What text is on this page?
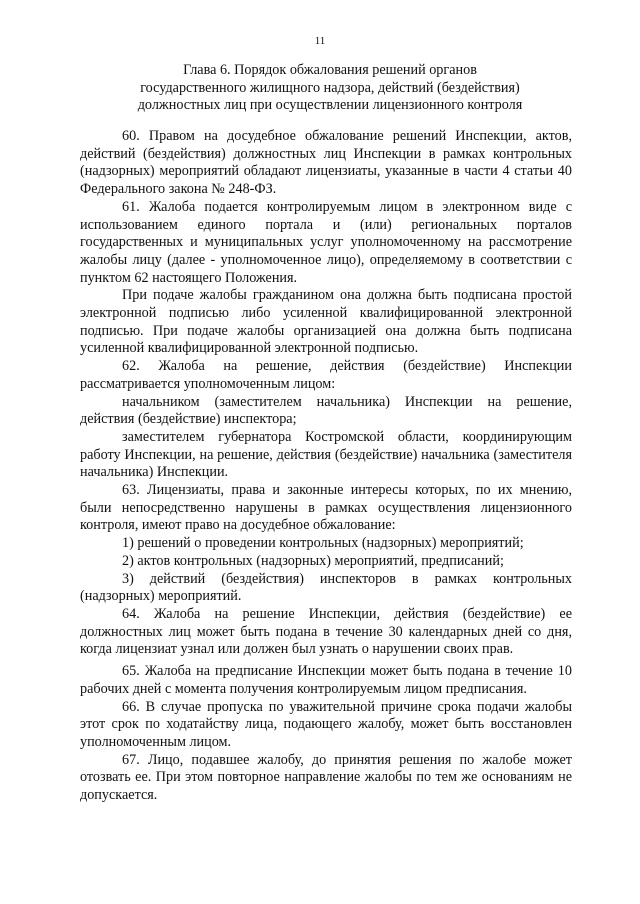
11
Глава 6. Порядок обжалования решений органов
государственного жилищного надзора, действий (бездействия)
должностных лиц при осуществлении лицензионного контроля

60. Правом на досудебное обжалование решений Инспекции, актов, действий (бездействия) должностных лиц Инспекции в рамках контрольных (надзорных) мероприятий обладают лицензиаты, указанные в части 4 статьи 40 Федерального закона № 248-ФЗ.

61. Жалоба подается контролируемым лицом в электронном виде с использованием единого портала и (или) региональных порталов государственных и муниципальных услуг уполномоченному на рассмотрение жалобы лицу (далее - уполномоченное лицо), определяемому в соответствии с пунктом 62 настоящего Положения.

При подаче жалобы гражданином она должна быть подписана простой электронной подписью либо усиленной квалифицированной электронной подписью. При подаче жалобы организацией она должна быть подписана усиленной квалифицированной электронной подписью.

62. Жалоба на решение, действия (бездействие) Инспекции рассматривается уполномоченным лицом:

начальником (заместителем начальника) Инспекции на решение, действия (бездействие) инспектора;

заместителем губернатора Костромской области, координирующим работу Инспекции, на решение, действия (бездействие) начальника (заместителя начальника) Инспекции.

63. Лицензиаты, права и законные интересы которых, по их мнению, были непосредственно нарушены в рамках осуществления лицензионного контроля, имеют право на досудебное обжалование:

1) решений о проведении контрольных (надзорных) мероприятий;

2) актов контрольных (надзорных) мероприятий, предписаний;

3) действий (бездействия) инспекторов в рамках контрольных (надзорных) мероприятий.

64. Жалоба на решение Инспекции, действия (бездействие) ее должностных лиц может быть подана в течение 30 календарных дней со дня, когда лицензиат узнал или должен был узнать о нарушении своих прав.

65. Жалоба на предписание Инспекции может быть подана в течение 10 рабочих дней с момента получения контролируемым лицом предписания.

66. В случае пропуска по уважительной причине срока подачи жалобы этот срок по ходатайству лица, подающего жалобу, может быть восстановлен уполномоченным лицом.

67. Лицо, подавшее жалобу, до принятия решения по жалобе может отозвать ее. При этом повторное направление жалобы по тем же основаниям не допускается.
